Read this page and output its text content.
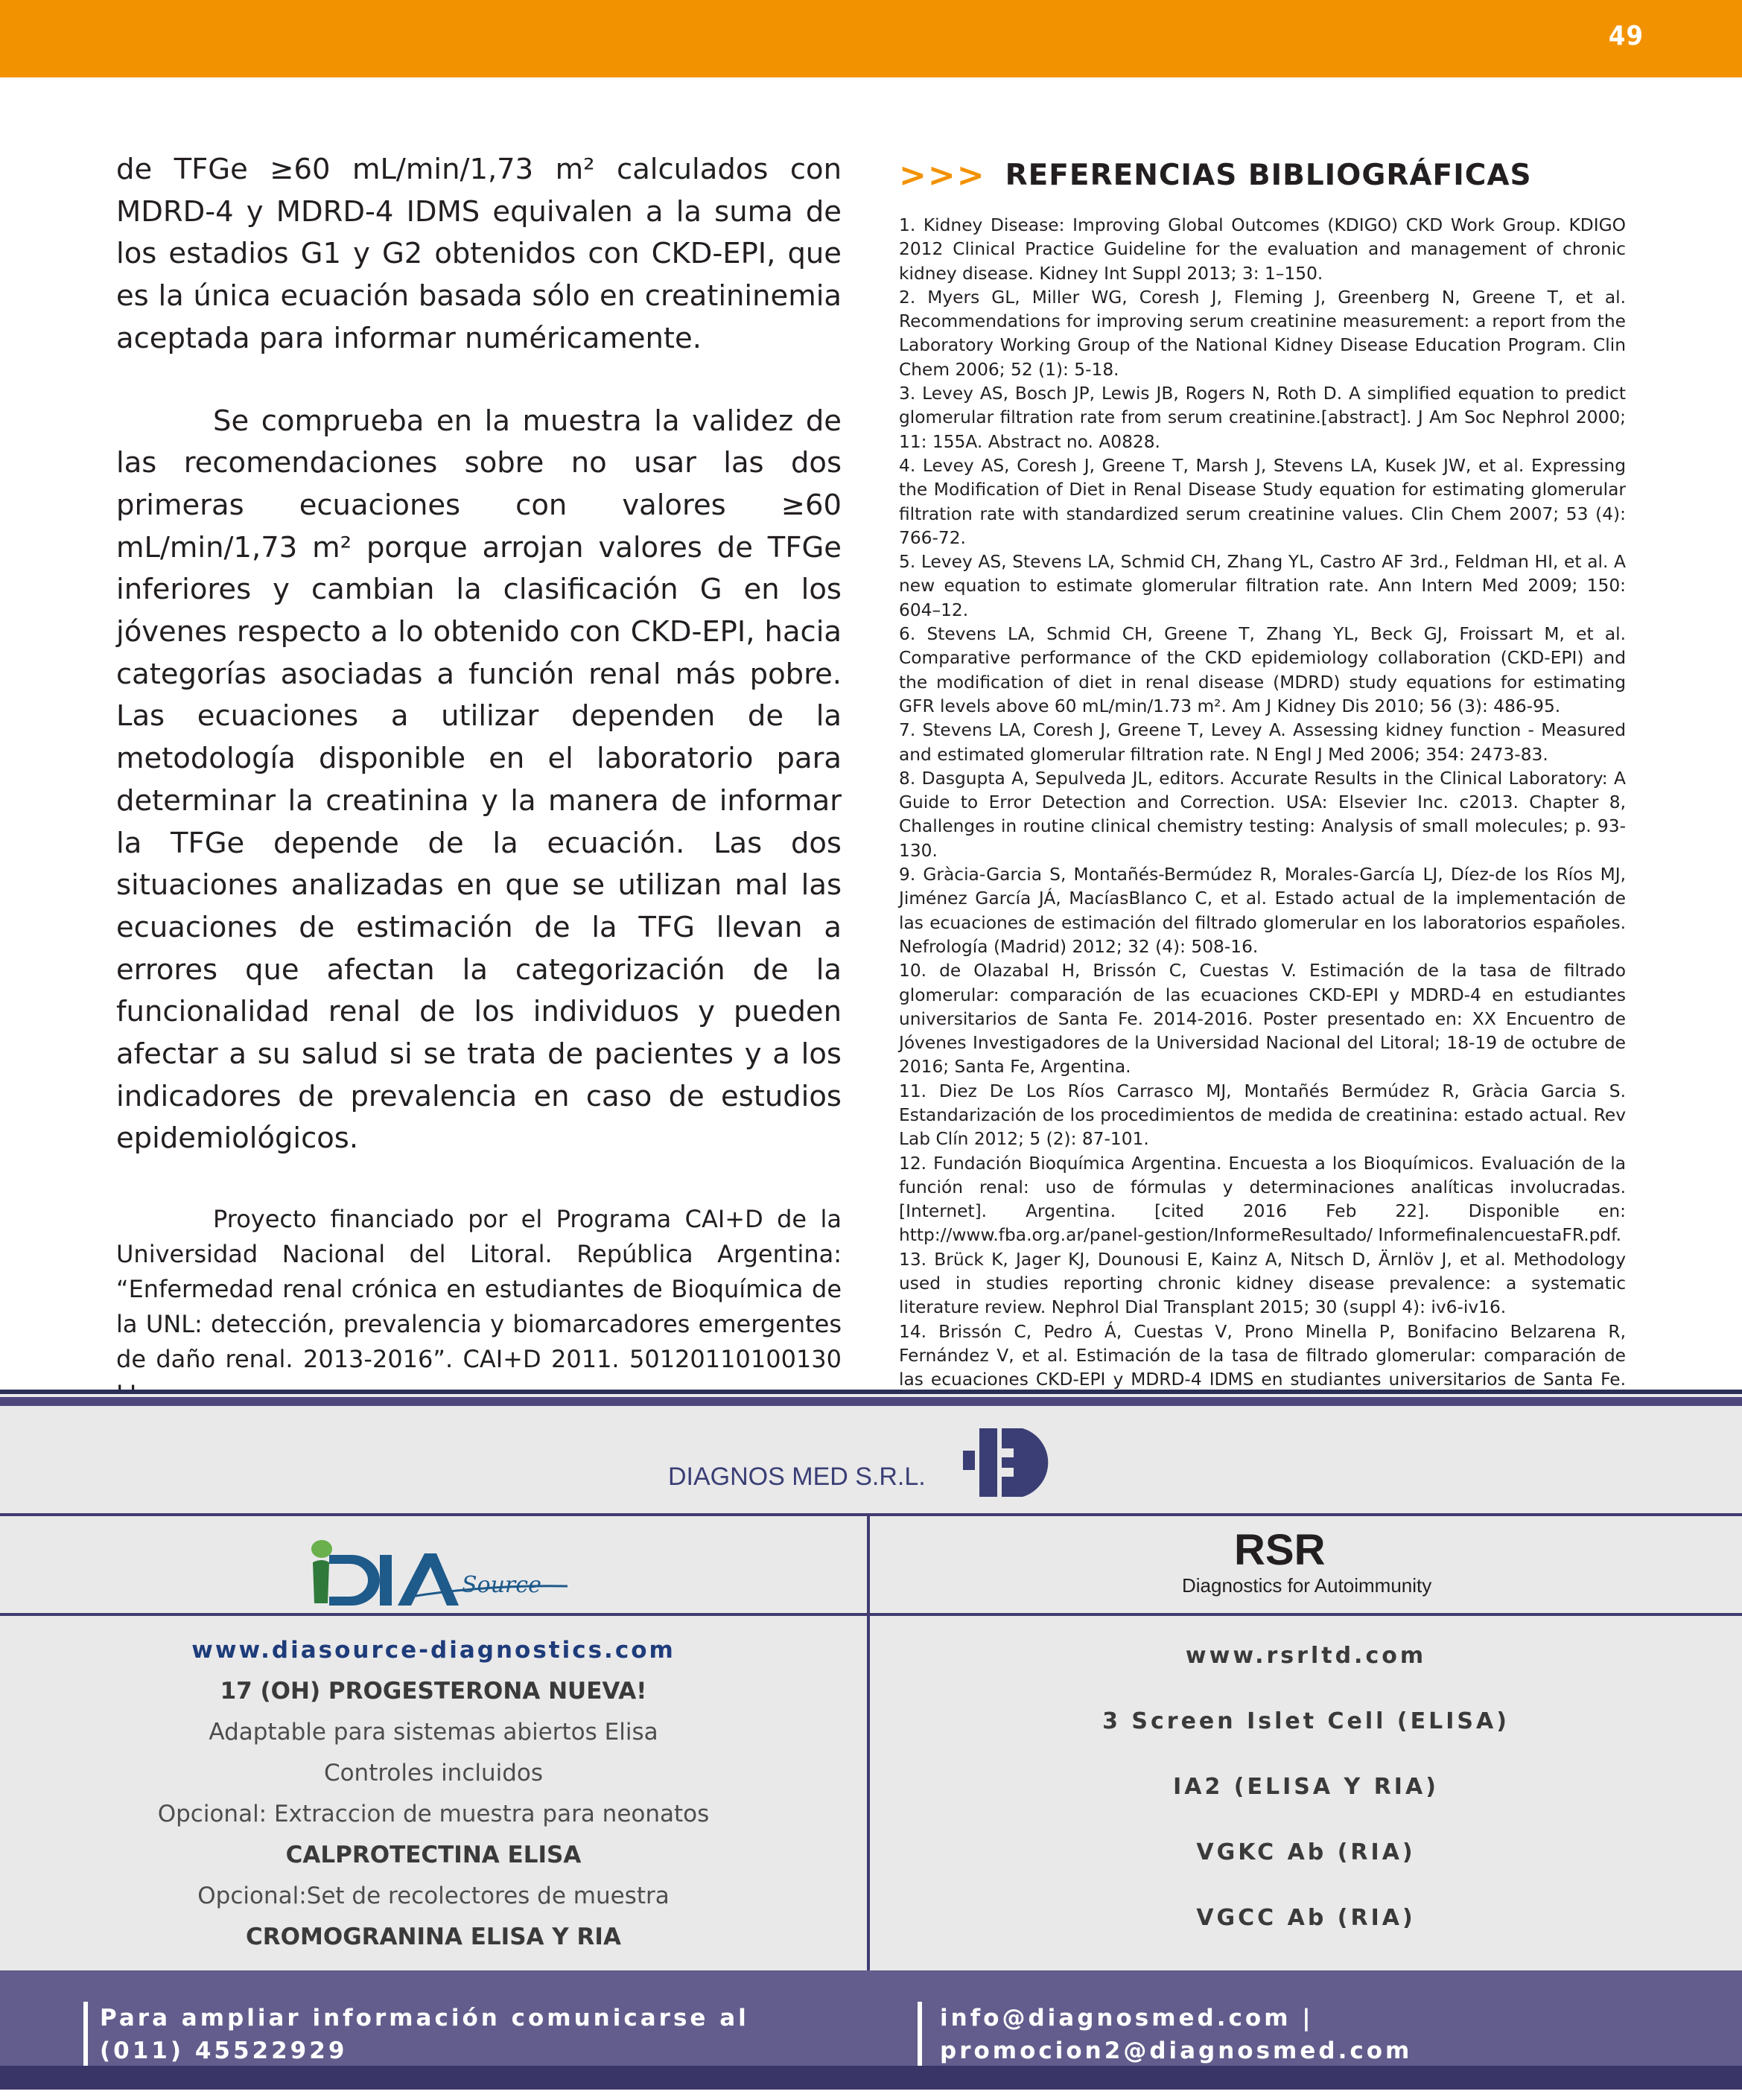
49

de TFGe ≥60 mL/min/1,73 m² calculados con MDRD-4 y MDRD-4 IDMS equivalen a la suma de los estadios G1 y G2 obtenidos con CKD-EPI, que es la única ecuación basada sólo en creatininemia aceptada para informar numéricamente.

Se comprueba en la muestra la validez de las recomendaciones sobre no usar las dos primeras ecuaciones con valores ≥60 mL/min/1,73 m² porque arrojan valores de TFGe inferiores y cambian la clasificación G en los jóvenes respecto a lo obtenido con CKD-EPI, hacia categorías asociadas a función renal más pobre. Las ecuaciones a utilizar dependen de la metodología disponible en el laboratorio para determinar la creatinina y la manera de informar la TFGe depende de la ecuación. Las dos situaciones analizadas en que se utilizan mal las ecuaciones de estimación de la TFG llevan a errores que afectan la categorización de la funcionalidad renal de los individuos y pueden afectar a su salud si se trata de pacientes y a los indicadores de prevalencia en caso de estudios epidemiológicos.

Proyecto financiado por el Programa CAI+D de la Universidad Nacional del Litoral. República Argentina: “Enfermedad renal crónica en estudiantes de Bioquímica de la UNL: detección, prevalencia y biomarcadores emergentes de daño renal. 2013-2016”. CAI+D 2011. 50120110100130

>>> REFERENCIAS BIBLIOGRÁFICAS

1. Kidney Disease: Improving Global Outcomes (KDIGO) CKD Work Group. KDIGO 2012 Clinical Practice Guideline for the evaluation and management of chronic kidney disease. Kidney Int Suppl 2013; 3: 1–150.

2. Myers GL, Miller WG, Coresh J, Fleming J, Greenberg N, Greene T, et al. Recommendations for improving serum creatinine measurement: a report from the Laboratory Working Group of the National Kidney Disease Education Program. Clin Chem 2006; 52 (1): 5-18.

3. Levey AS, Bosch JP, Lewis JB, Rogers N, Roth D. A simplified equation to predict glomerular filtration rate from serum creatinine.[abstract]. J Am Soc Nephrol 2000; 11: 155A. Abstract no. A0828.

4. Levey AS, Coresh J, Greene T, Marsh J, Stevens LA, Kusek JW, et al. Expressing the Modification of Diet in Renal Disease Study equation for estimating glomerular filtration rate with standardized serum creatinine values. Clin Chem 2007; 53 (4): 766-72.

5. Levey AS, Stevens LA, Schmid CH, Zhang YL, Castro AF 3rd., Feldman HI, et al. A new equation to estimate glomerular filtration rate. Ann Intern Med 2009; 150: 604–12.

6. Stevens LA, Schmid CH, Greene T, Zhang YL, Beck GJ, Froissart M, et al. Comparative performance of the CKD epidemiology collaboration (CKD-EPI) and the modification of diet in renal disease (MDRD) study equations for estimating GFR levels above 60 mL/min/1.73 m². Am J Kidney Dis 2010; 56 (3): 486-95.

7. Stevens LA, Coresh J, Greene T, Levey A. Assessing kidney function - Measured and estimated glomerular filtration rate. N Engl J Med 2006; 354: 2473-83.

8. Dasgupta A, Sepulveda JL, editors. Accurate Results in the Clinical Laboratory: A Guide to Error Detection and Correction. USA: Elsevier Inc. c2013. Chapter 8, Challenges in routine clinical chemistry testing: Analysis of small molecules; p. 93-130.

9. Gràcia-Garcia S, Montañés-Bermúdez R, Morales-García LJ, Díez-de los Ríos MJ, Jiménez García JÁ, MacíasBlanco C, et al. Estado actual de la implementación de las ecuaciones de estimación del filtrado glomerular en los laboratorios españoles. Nefrología (Madrid) 2012; 32 (4): 508-16.

10. de Olazabal H, Brissón C, Cuestas V. Estimación de la tasa de filtrado glomerular: comparación de las ecuaciones CKD-EPI y MDRD-4 en estudiantes universitarios de Santa Fe. 2014-2016. Poster presentado en: XX Encuentro de Jóvenes Investigadores de la Universidad Nacional del Litoral; 18-19 de octubre de 2016; Santa Fe, Argentina.

11. Diez De Los Ríos Carrasco MJ, Montañés Bermúdez R, Gràcia Garcia S. Estandarización de los procedimientos de medida de creatinina: estado actual. Rev Lab Clín 2012; 5 (2): 87-101.

12. Fundación Bioquímica Argentina. Encuesta a los Bioquímicos. Evaluación de la función renal: uso de fórmulas y determinaciones analíticas involucradas. [Internet]. Argentina. [cited 2016 Feb 22]. Disponible en: http://www.fba.org.ar/panel-gestion/InformeResultado/ InformefinalencuestaFR.pdf.

13. Brück K, Jager KJ, Dounousi E, Kainz A, Nitsch D, Ärnlöv J, et al. Methodology used in studies reporting chronic kidney disease prevalence: a systematic literature review. Nephrol Dial Transplant 2015; 30 (suppl 4): iv6-iv16.

14. Brissón C, Pedro Á, Cuestas V, Prono Minella P, Bonifacino Belzarena R, Fernández V, et al. Estimación de la tasa de filtrado glomerular: comparación de las ecuaciones CKD-EPI y MDRD-4 IDMS en studiantes universitarios de Santa Fe.

DIAGNOS MED S.R.L.
Source
RSR
Diagnostics for Autoimmunity
www.diasource-diagnostics.com
17 (OH) PROGESTERONA NUEVA!
Adaptable para sistemas abiertos Elisa
Controles incluidos
Opcional: Extraccion de muestra para neonatos
CALPROTECTINA ELISA
Opcional:Set de recolectores de muestra
CROMOGRANINA ELISA Y RIA
www.rsrltd.com
3 Screen Islet Cell (ELISA)
IA2 (ELISA Y RIA)
VGKC Ab (RIA)
VGCC Ab (RIA)
Para ampliar información comunicarse al
(011) 45522929
info@diagnosmed.com | promocion2@diagnosmed.com
